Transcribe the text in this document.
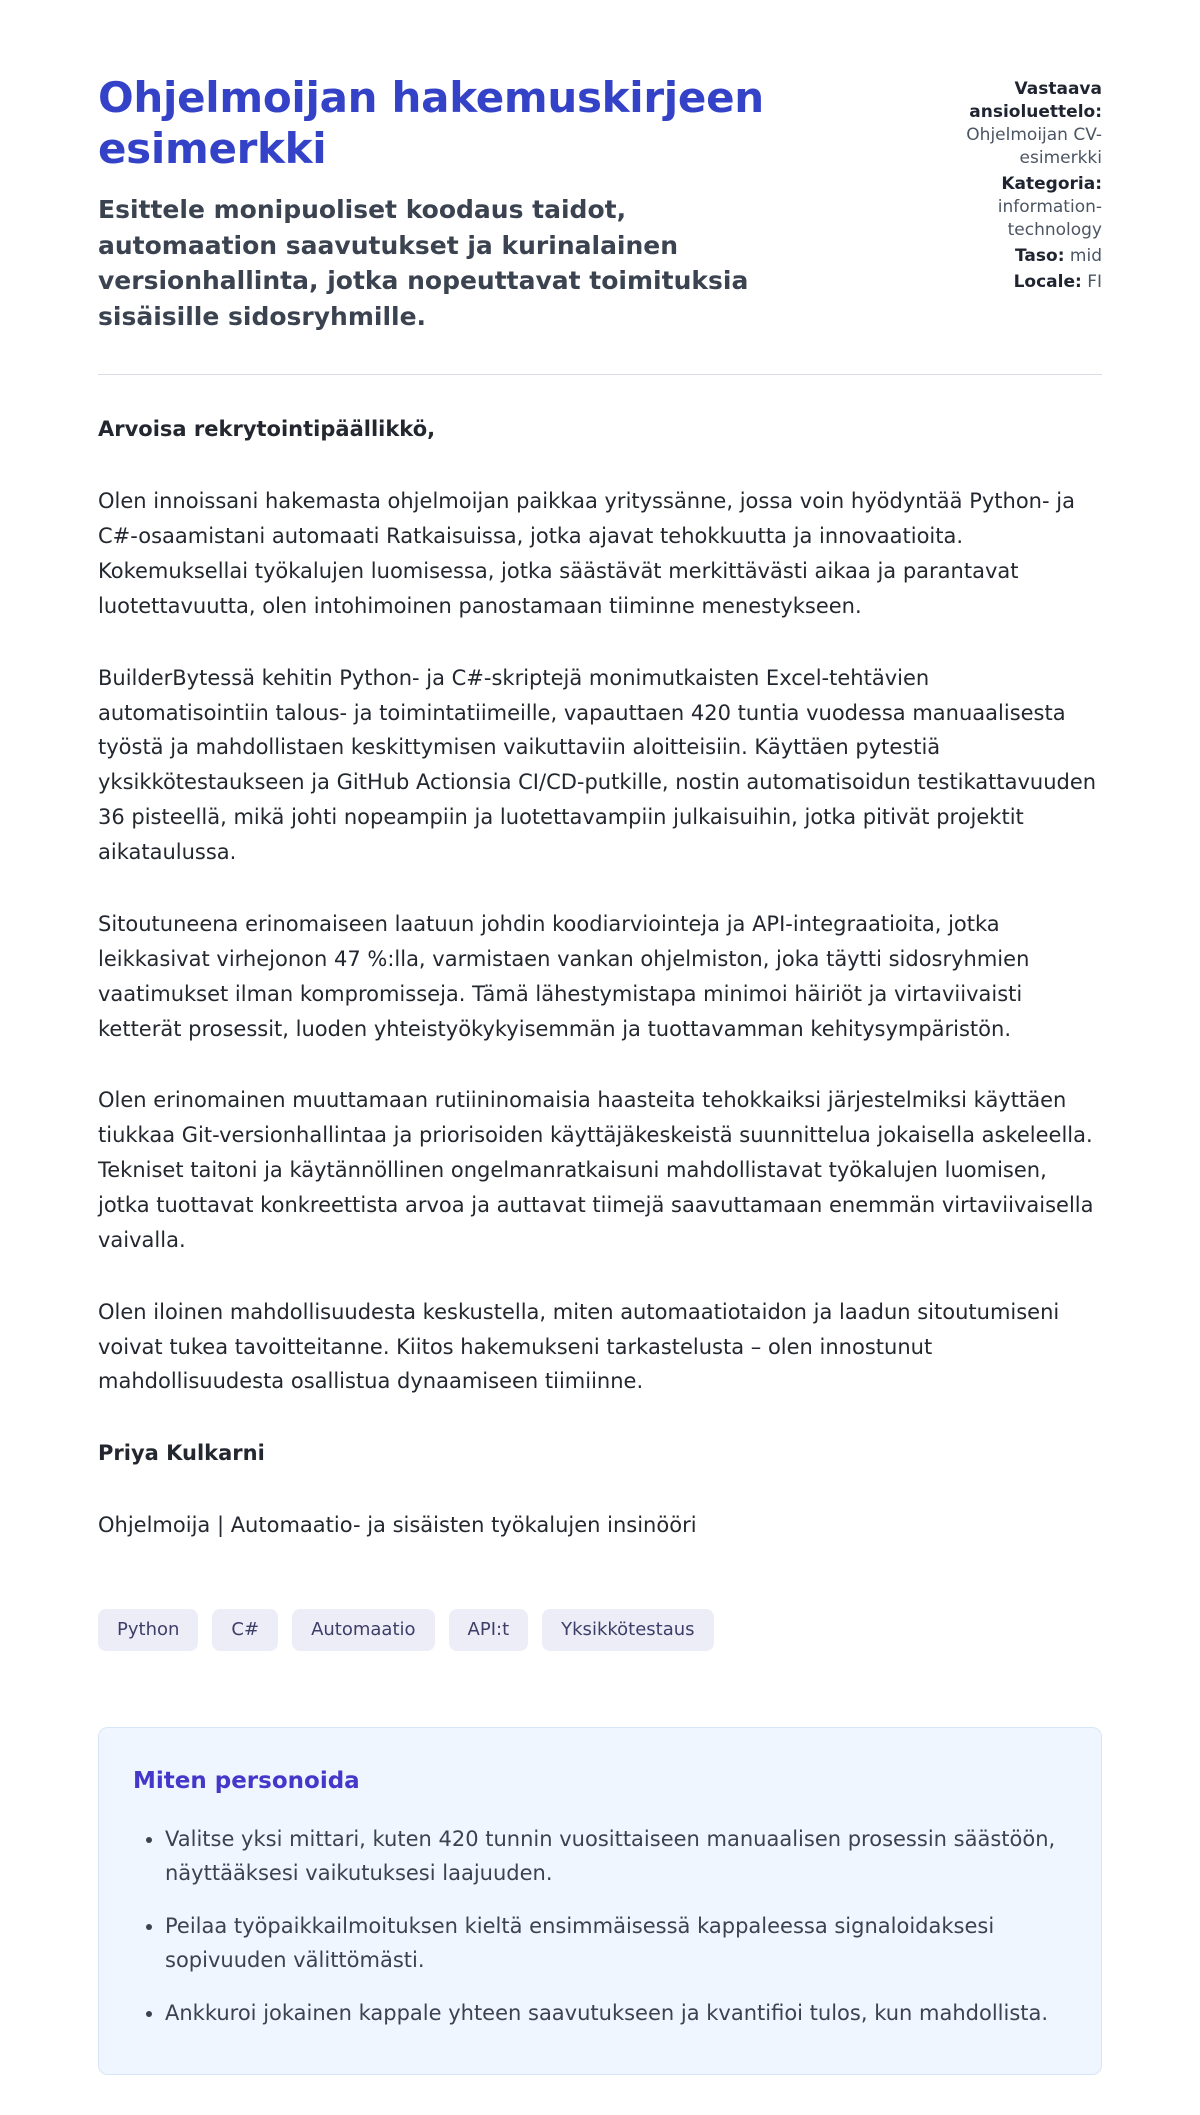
Ohjelmoijan hakemuskirjeen esimerkki

Esittele monipuoliset koodaus taidot, automaation saavutukset ja kurinalainen versionhallinta, jotka nopeuttavat toimituksia sisäisille sidosryhmille.

Vastaava ansioluettelo: Ohjelmoijan CV-esimerkki
Kategoria: information-technology
Taso: mid
Locale: FI

Arvoisa rekrytointipäällikkö,

Olen innoissani hakemasta ohjelmoijan paikkaa yrityssänne, jossa voin hyödyntää Python- ja C#-osaamistani automaati Ratkaisuissa, jotka ajavat tehokkuutta ja innovaatioita. Kokemuksellai työkalujen luomisessa, jotka säästävät merkittävästi aikaa ja parantavat luotettavuutta, olen intohimoinen panostamaan tiiminne menestykseen.

BuilderBytessä kehitin Python- ja C#-skriptejä monimutkaisten Excel-tehtävien automatisointiin talous- ja toimintatiimeille, vapauttaen 420 tuntia vuodessa manuaalisesta työstä ja mahdollistaen keskittymisen vaikuttaviin aloitteisiin. Käyttäen pytestiä yksikkötestaukseen ja GitHub Actionsia CI/CD-putkille, nostin automatisoidun testikattavuuden 36 pisteellä, mikä johti nopeampiin ja luotettavampiin julkaisuihin, jotka pitivät projektit aikataulussa.

Sitoutuneena erinomaiseen laatuun johdin koodiarviointeja ja API-integraatioita, jotka leikkasivat virhejonon 47 %:lla, varmistaen vankan ohjelmiston, joka täytti sidosryhmien vaatimukset ilman kompromisseja. Tämä lähestymistapa minimoi häiriöt ja virtaviivaisti ketterät prosessit, luoden yhteistyökykyisemmän ja tuottavamman kehitysympäristön.

Olen erinomainen muuttamaan rutiininomaisia haasteita tehokkaiksi järjestelmiksi käyttäen tiukkaa Git-versionhallintaa ja priorisoiden käyttäjäkeskeistä suunnittelua jokaisella askeleella. Tekniset taitoni ja käytännöllinen ongelmanratkaisuni mahdollistavat työkalujen luomisen, jotka tuottavat konkreettista arvoa ja auttavat tiimejä saavuttamaan enemmän virtaviivaisella vaivalla.

Olen iloinen mahdollisuudesta keskustella, miten automaatiotaidon ja laadun sitoutumiseni voivat tukea tavoitteitanne. Kiitos hakemukseni tarkastelusta – olen innostunut mahdollisuudesta osallistua dynaamiseen tiimiinne.

Priya Kulkarni

Ohjelmoija | Automaatio- ja sisäisten työkalujen insinööri

Python	C#	Automaatio	API:t	Yksikkötestaus
Miten personoida
• Valitse yksi mittari, kuten 420 tunnin vuosittaiseen manuaalisen prosessin säästöön, näyttääksesi vaikutuksesi laajuuden.
• Peilaa työpaikkailmoituksen kieltä ensimmäisessä kappaleessa signaloidaksesi sopivuuden välittömästi.
• Ankkuroi jokainen kappale yhteen saavutukseen ja kvantifioi tulos, kun mahdollista.
